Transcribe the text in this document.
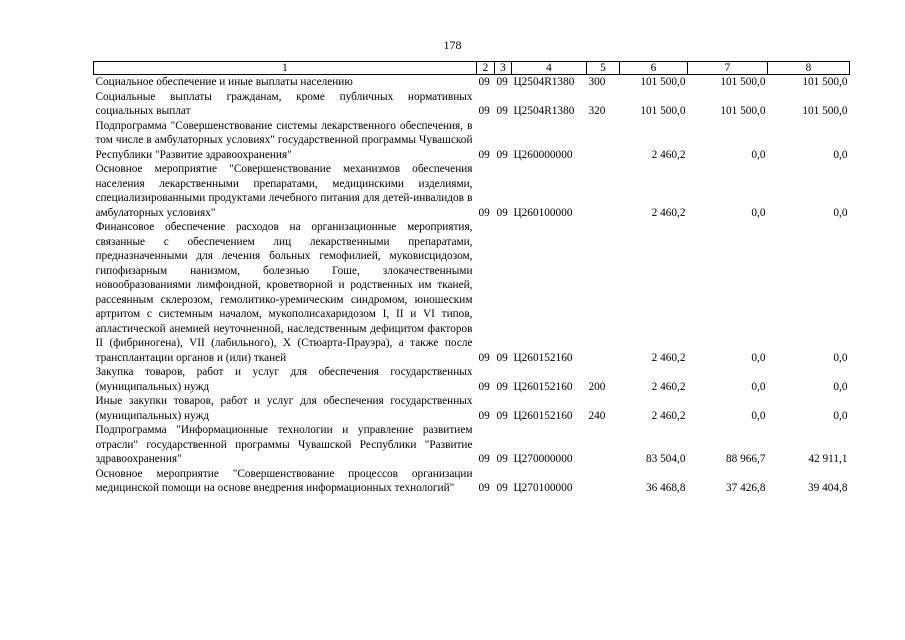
178
1	2	3	4	5	6	7	8
Социальное обеспечение и иные выплаты населению	09	09	Ц2504R1380	300	101 500,0	101 500,0	101 500,0
Социальные выплаты гражданам, кроме публичных нормативных социальных выплат	09	09	Ц2504R1380	320	101 500,0	101 500,0	101 500,0
Подпрограмма "Совершенствование системы лекарственного обеспечения, в том числе в амбулаторных условиях" государственной программы Чувашской Республики "Развитие здравоохранения"	09	09	Ц260000000		2 460,2	0,0	0,0
Основное мероприятие "Совершенствование механизмов обеспечения населения лекарственными препаратами, медицинскими изделиями, специализированными продуктами лечебного питания для детей-инвалидов в амбулаторных условиях"	09	09	Ц260100000		2 460,2	0,0	0,0
Финансовое обеспечение расходов на организационные мероприятия, связанные с обеспечением лиц лекарственными препаратами, предназначенными для лечения больных гемофилией, муковисцидозом, гипофизарным нанизмом, болезнью Гоше, злокачественными новообразованиями лимфоидной, кроветворной и родственных им тканей, рассеянным склерозом, гемолитико-уремическим синдромом, юношеским артритом с системным началом, мукополисахаридозом I, II и VI типов, апластической анемией неуточненной, наследственным дефицитом факторов II (фибриногена), VII (лабильного), X (Стюарта-Прауэра), а также после трансплантации органов и (или) тканей	09	09	Ц260152160		2 460,2	0,0	0,0
Закупка товаров, работ и услуг для обеспечения государственных (муниципальных) нужд	09	09	Ц260152160	200	2 460,2	0,0	0,0
Иные закупки товаров, работ и услуг для обеспечения государственных (муниципальных) нужд	09	09	Ц260152160	240	2 460,2	0,0	0,0
Подпрограмма "Информационные технологии и управление развитием отрасли" государственной программы Чувашской Республики "Развитие здравоохранения"	09	09	Ц270000000		83 504,0	88 966,7	42 911,1
Основное мероприятие "Совершенствование процессов организации медицинской помощи на основе внедрения информационных технологий"	09	09	Ц270100000		36 468,8	37 426,8	39 404,8
